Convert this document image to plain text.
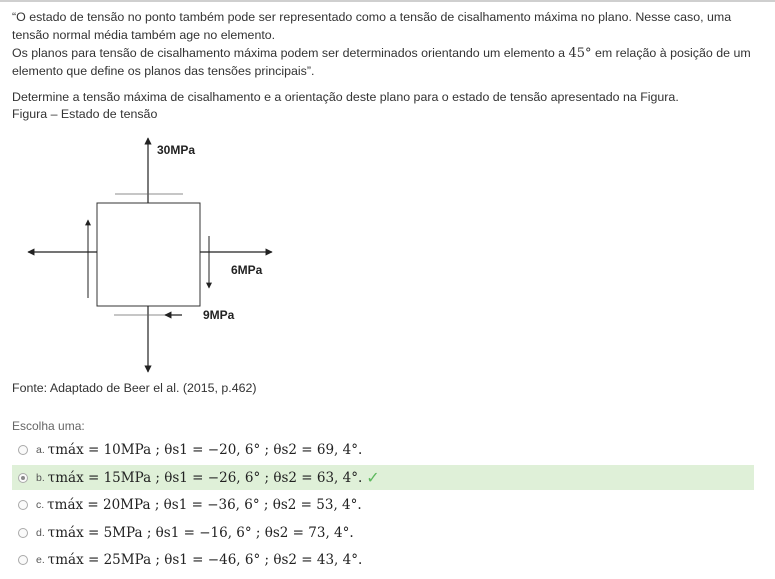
“O estado de tensão no ponto também pode ser representado como a tensão de cisalhamento máxima no plano. Nesse caso, uma tensão normal média também age no elemento.

Os planos para tensão de cisalhamento máxima podem ser determinados orientando um elemento a 45° em relação à posição de um elemento que define os planos das tensões principais”.

Determine a tensão máxima de cisalhamento e a orientação deste plano para o estado de tensão apresentado na Figura.

Figura – Estado de tensão

30MPa
6MPa
9MPa
Fonte: Adaptado de Beer el al. (2015, p.462)
Escolha uma:
a. τmáx = 10MPa ; θs1 = −20, 6° ; θs2 = 69, 4°.
b. τmáx = 15MPa ; θs1 = −26, 6° ; θs2 = 63, 4°. ✓
c. τmáx = 20MPa ; θs1 = −36, 6° ; θs2 = 53, 4°.
d. τmáx = 5MPa ; θs1 = −16, 6° ; θs2 = 73, 4°.
e. τmáx = 25MPa ; θs1 = −46, 6° ; θs2 = 43, 4°.
